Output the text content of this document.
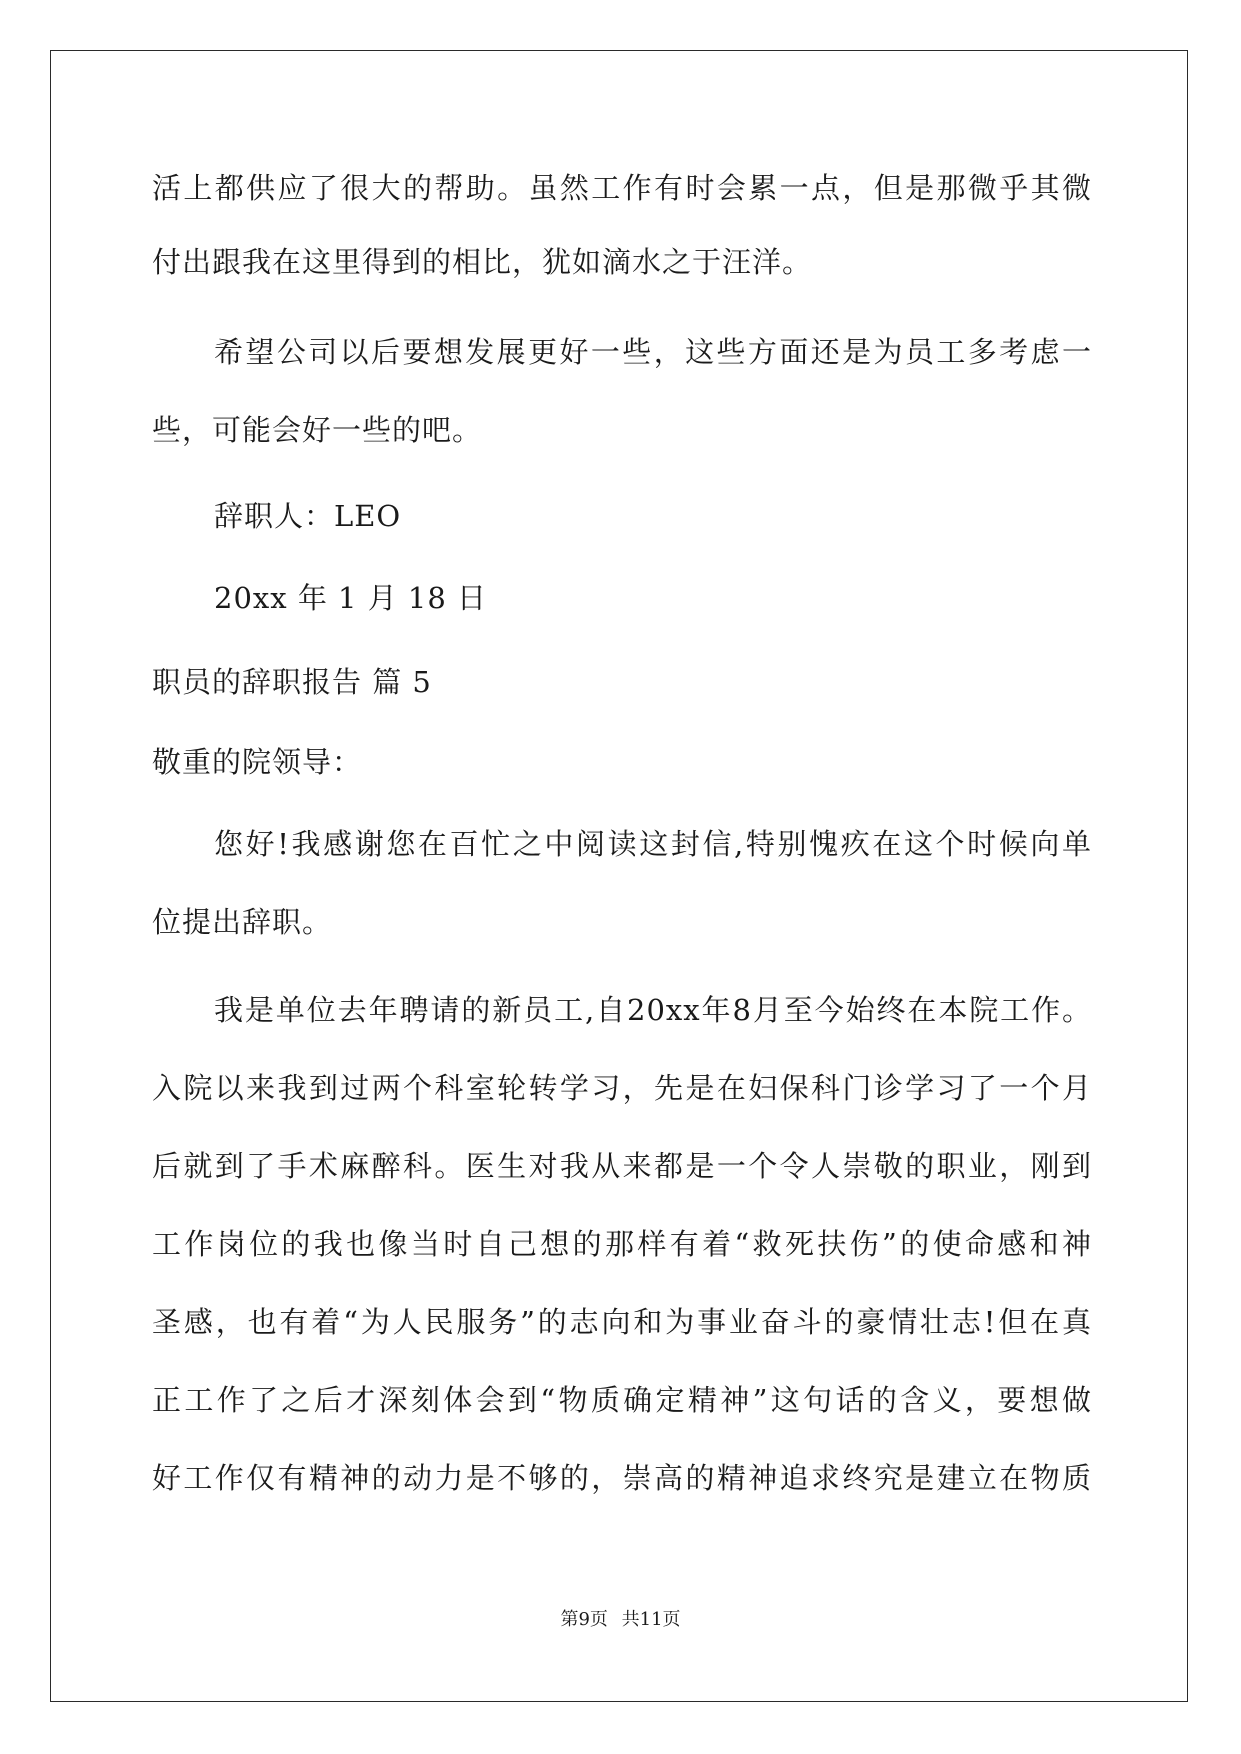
活上都供应了很大的帮助。虽然工作有时会累一点，但是那微乎其微
付出跟我在这里得到的相比，犹如滴水之于汪洋。
希望公司以后要想发展更好一些，这些方面还是为员工多考虑一
些，可能会好一些的吧。
辞职人：LEO
20xx 年 1 月 18 日
职员的辞职报告 篇 5
敬重的院领导：
您好!我感谢您在百忙之中阅读这封信,特别愧疚在这个时候向单
位提出辞职。
我是单位去年聘请的新员工,自20xx年8月至今始终在本院工作。
入院以来我到过两个科室轮转学习，先是在妇保科门诊学习了一个月
后就到了手术麻醉科。医生对我从来都是一个令人崇敬的职业，刚到
工作岗位的我也像当时自己想的那样有着“救死扶伤”的使命感和神
圣感，也有着“为人民服务”的志向和为事业奋斗的豪情壮志!但在真
正工作了之后才深刻体会到“物质确定精神”这句话的含义，要想做
好工作仅有精神的动力是不够的，崇高的精神追求终究是建立在物质
第9页 共11页
